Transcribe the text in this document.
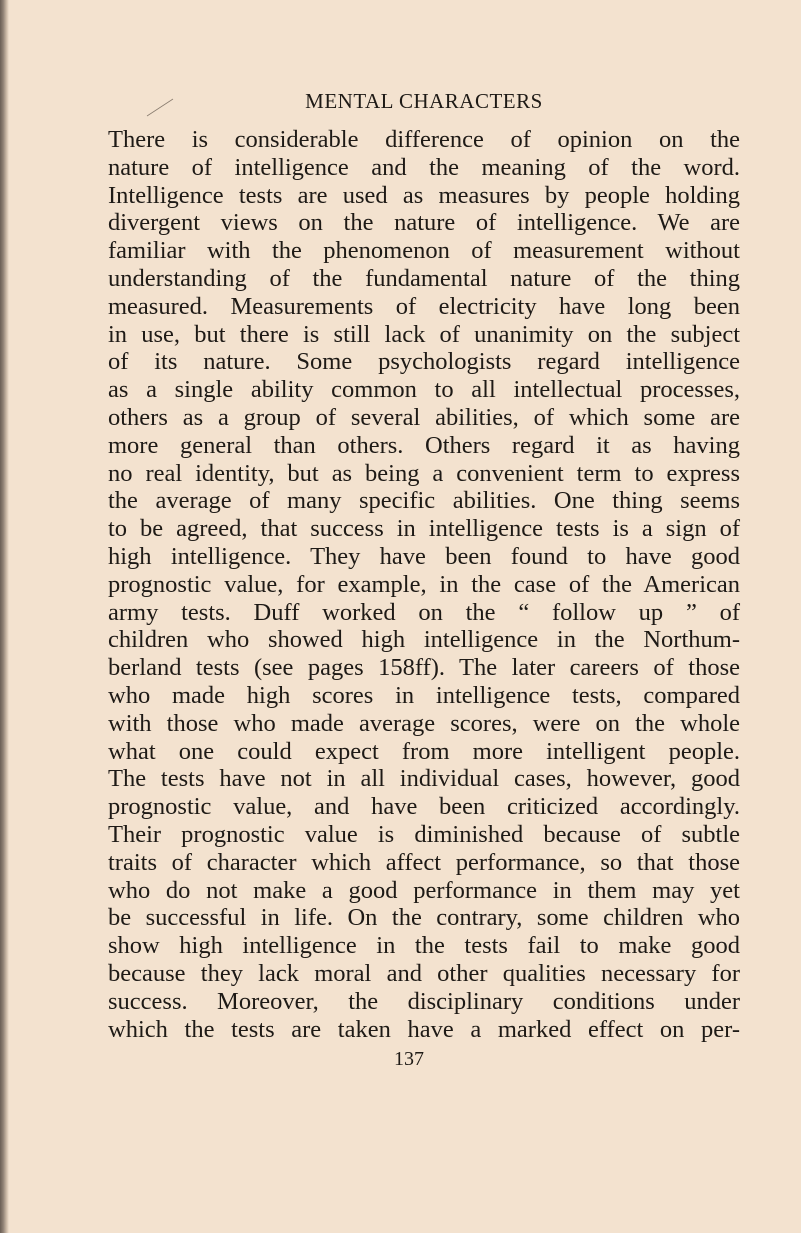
MENTAL CHARACTERS
There is considerable difference of opinion on the
nature of intelligence and the meaning of the word.
Intelligence tests are used as measures by people holding
divergent views on the nature of intelligence. We are
familiar with the phenomenon of measurement without
understanding of the fundamental nature of the thing
measured. Measurements of electricity have long been
in use, but there is still lack of unanimity on the subject
of its nature. Some psychologists regard intelligence
as a single ability common to all intellectual processes,
others as a group of several abilities, of which some are
more general than others. Others regard it as having
no real identity, but as being a convenient term to express
the average of many specific abilities. One thing seems
to be agreed, that success in intelligence tests is a sign of
high intelligence. They have been found to have good
prognostic value, for example, in the case of the American
army tests. Duff worked on the “ follow up ” of
children who showed high intelligence in the Northum-
berland tests (see pages 158ff). The later careers of those
who made high scores in intelligence tests, compared
with those who made average scores, were on the whole
what one could expect from more intelligent people.
The tests have not in all individual cases, however, good
prognostic value, and have been criticized accordingly.
Their prognostic value is diminished because of subtle
traits of character which affect performance, so that those
who do not make a good performance in them may yet
be successful in life. On the contrary, some children who
show high intelligence in the tests fail to make good
because they lack moral and other qualities necessary for
success. Moreover, the disciplinary conditions under
which the tests are taken have a marked effect on per-
137
